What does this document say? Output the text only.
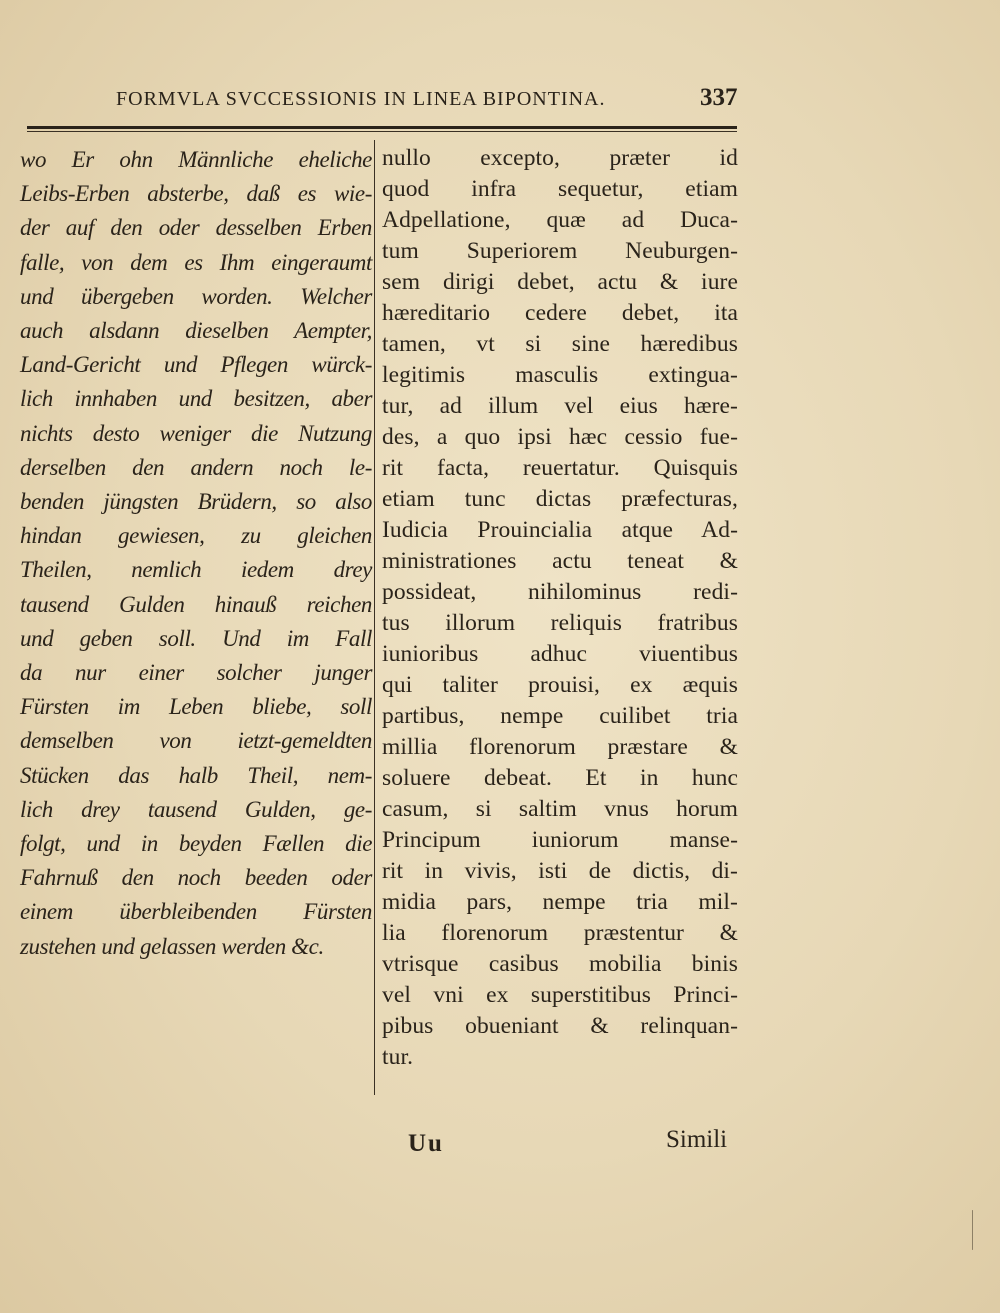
FORMVLA SVCCESSIONIS IN LINEA BIPONTINA.	337
wo Er ohn Männliche eheliche
Leibs-Erben absterbe, daß es wie-
der auf den oder desselben Erben
falle, von dem es Ihm eingeraumt
und übergeben worden. Welcher
auch alsdann dieselben Aempter,
Land-Gericht und Pflegen würck-
lich innhaben und besitzen, aber
nichts desto weniger die Nutzung
derselben den andern noch le-
benden jüngsten Brüdern, so also
hindan gewiesen, zu gleichen
Theilen, nemlich iedem drey
tausend Gulden hinauß reichen
und geben soll. Und im Fall
da nur einer solcher junger
Fürsten im Leben bliebe, soll
demselben von ietzt-gemeldten
Stücken das halb Theil, nem-
lich drey tausend Gulden, ge-
folgt, und in beyden Fællen die
Fahrnuß den noch beeden oder
einem überbleibenden Fürsten
zustehen und gelassen werden &c.
nullo excepto, præter id
quod infra sequetur, etiam
Adpellatione, quæ ad Duca-
tum Superiorem Neuburgen-
sem dirigi debet, actu & iure
hæreditario cedere debet, ita
tamen, vt si sine hæredibus
legitimis masculis extingua-
tur, ad illum vel eius hære-
des, a quo ipsi hæc cessio fue-
rit facta, reuertatur. Quisquis
etiam tunc dictas præfecturas,
Iudicia Prouincialia atque Ad-
ministrationes actu teneat &
possideat, nihilominus redi-
tus illorum reliquis fratribus
iunioribus adhuc viuentibus
qui taliter prouisi, ex æquis
partibus, nempe cuilibet tria
millia florenorum præstare &
soluere debeat. Et in hunc
casum, si saltim vnus horum
Principum iuniorum manse-
rit in vivis, isti de dictis, di-
midia pars, nempe tria mil-
lia florenorum præstentur &
vtrisque casibus mobilia binis
vel vni ex superstitibus Princi-
pibus obueniant & relinquan-
tur.
Uu	Simili
